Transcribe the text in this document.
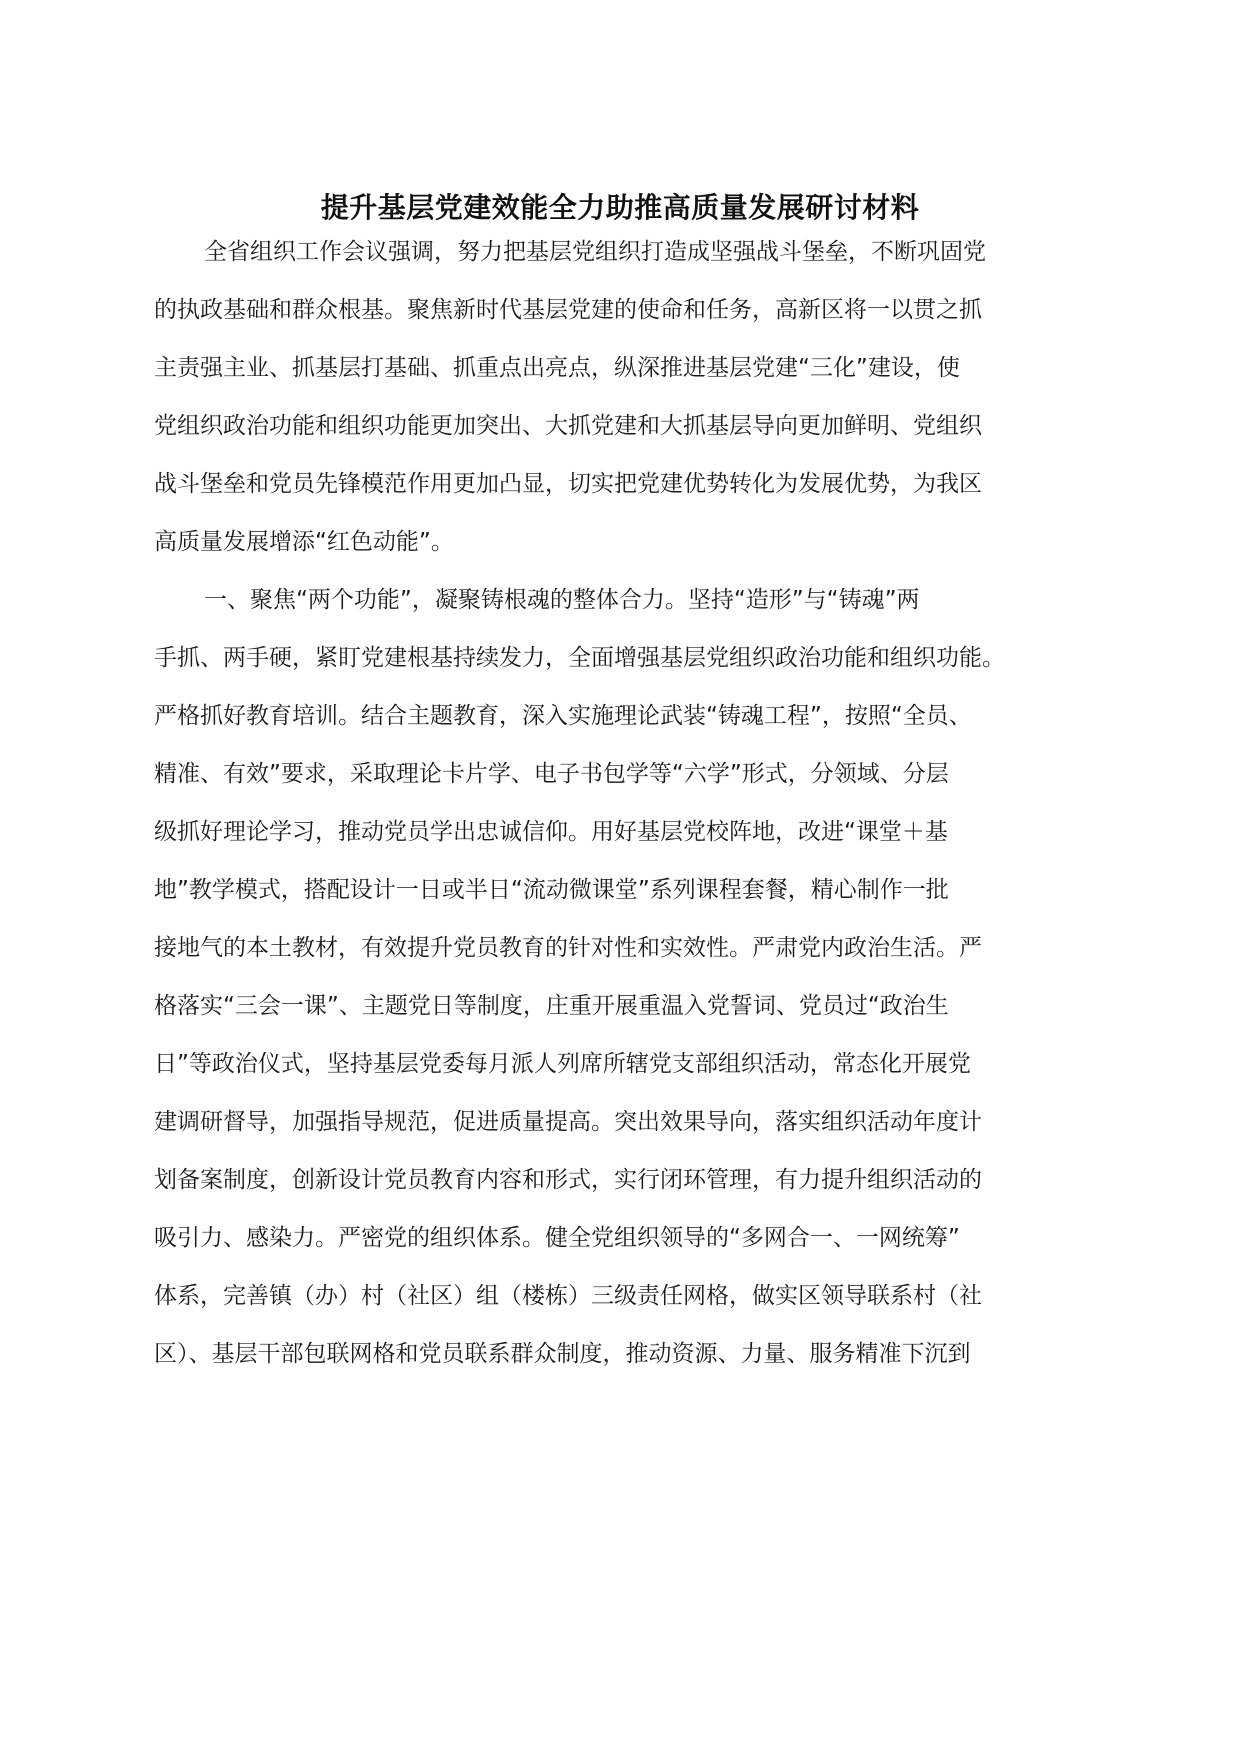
提升基层党建效能全力助推高质量发展研讨材料
全省组织工作会议强调，努力把基层党组织打造成坚强战斗堡垒，不断巩固党
的执政基础和群众根基。聚焦新时代基层党建的使命和任务，高新区将一以贯之抓
主责强主业、抓基层打基础、抓重点出亮点，纵深推进基层党建“三化”建设，使
党组织政治功能和组织功能更加突出、大抓党建和大抓基层导向更加鲜明、党组织
战斗堡垒和党员先锋模范作用更加凸显，切实把党建优势转化为发展优势，为我区
高质量发展增添“红色动能”。
一、聚焦“两个功能”，凝聚铸根魂的整体合力。坚持“造形”与“铸魂”两
手抓、两手硬，紧盯党建根基持续发力，全面增强基层党组织政治功能和组织功能。
严格抓好教育培训。结合主题教育，深入实施理论武装“铸魂工程”，按照“全员、
精准、有效”要求，采取理论卡片学、电子书包学等“六学”形式，分领域、分层
级抓好理论学习，推动党员学出忠诚信仰。用好基层党校阵地，改进“课堂＋基
地”教学模式，搭配设计一日或半日“流动微课堂”系列课程套餐，精心制作一批
接地气的本土教材，有效提升党员教育的针对性和实效性。严肃党内政治生活。严
格落实“三会一课”、主题党日等制度，庄重开展重温入党誓词、党员过“政治生
日”等政治仪式，坚持基层党委每月派人列席所辖党支部组织活动，常态化开展党
建调研督导，加强指导规范，促进质量提高。突出效果导向，落实组织活动年度计
划备案制度，创新设计党员教育内容和形式，实行闭环管理，有力提升组织活动的
吸引力、感染力。严密党的组织体系。健全党组织领导的“多网合一、一网统筹”
体系，完善镇（办）村（社区）组（楼栋）三级责任网格，做实区领导联系村（社
区）、基层干部包联网格和党员联系群众制度，推动资源、力量、服务精准下沉到
